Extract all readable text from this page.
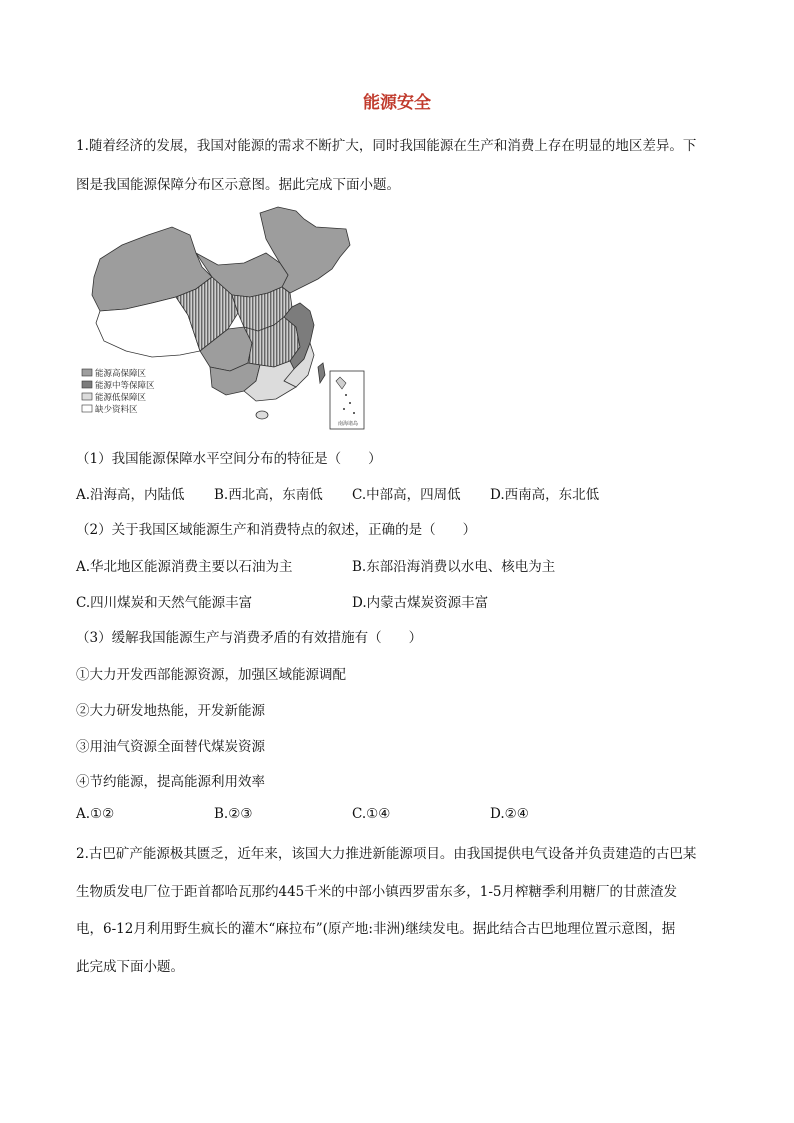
能源安全
1.随着经济的发展，我国对能源的需求不断扩大，同时我国能源在生产和消费上存在明显的地区差异。下
图是我国能源保障分布区示意图。据此完成下面小题。
南海诸岛
能源高保障区
能源中等保障区
能源低保障区
缺少资料区
（1）我国能源保障水平空间分布的特征是（　　）
A.沿海高，内陆低 B.西北高，东南低 C.中部高，四周低 D.西南高，东北低
（2）关于我国区域能源生产和消费特点的叙述，正确的是（　　）
A.华北地区能源消费主要以石油为主	B.东部沿海消费以水电、核电为主
C.四川煤炭和天然气能源丰富	D.内蒙古煤炭资源丰富
（3）缓解我国能源生产与消费矛盾的有效措施有（　　）
①大力开发西部能源资源，加强区域能源调配
②大力研发地热能，开发新能源
③用油气资源全面替代煤炭资源
④节约能源，提高能源利用效率
A.①②	B.②③	C.①④	D.②④
2.古巴矿产能源极其匮乏，近年来，该国大力推进新能源项目。由我国提供电气设备并负责建造的古巴某
生物质发电厂位于距首都哈瓦那约445千米的中部小镇西罗雷东多，1-5月榨糖季利用糖厂的甘蔗渣发
电，6-12月利用野生疯长的灌木“麻拉布”(原产地:非洲)继续发电。据此结合古巴地理位置示意图，据
此完成下面小题。
